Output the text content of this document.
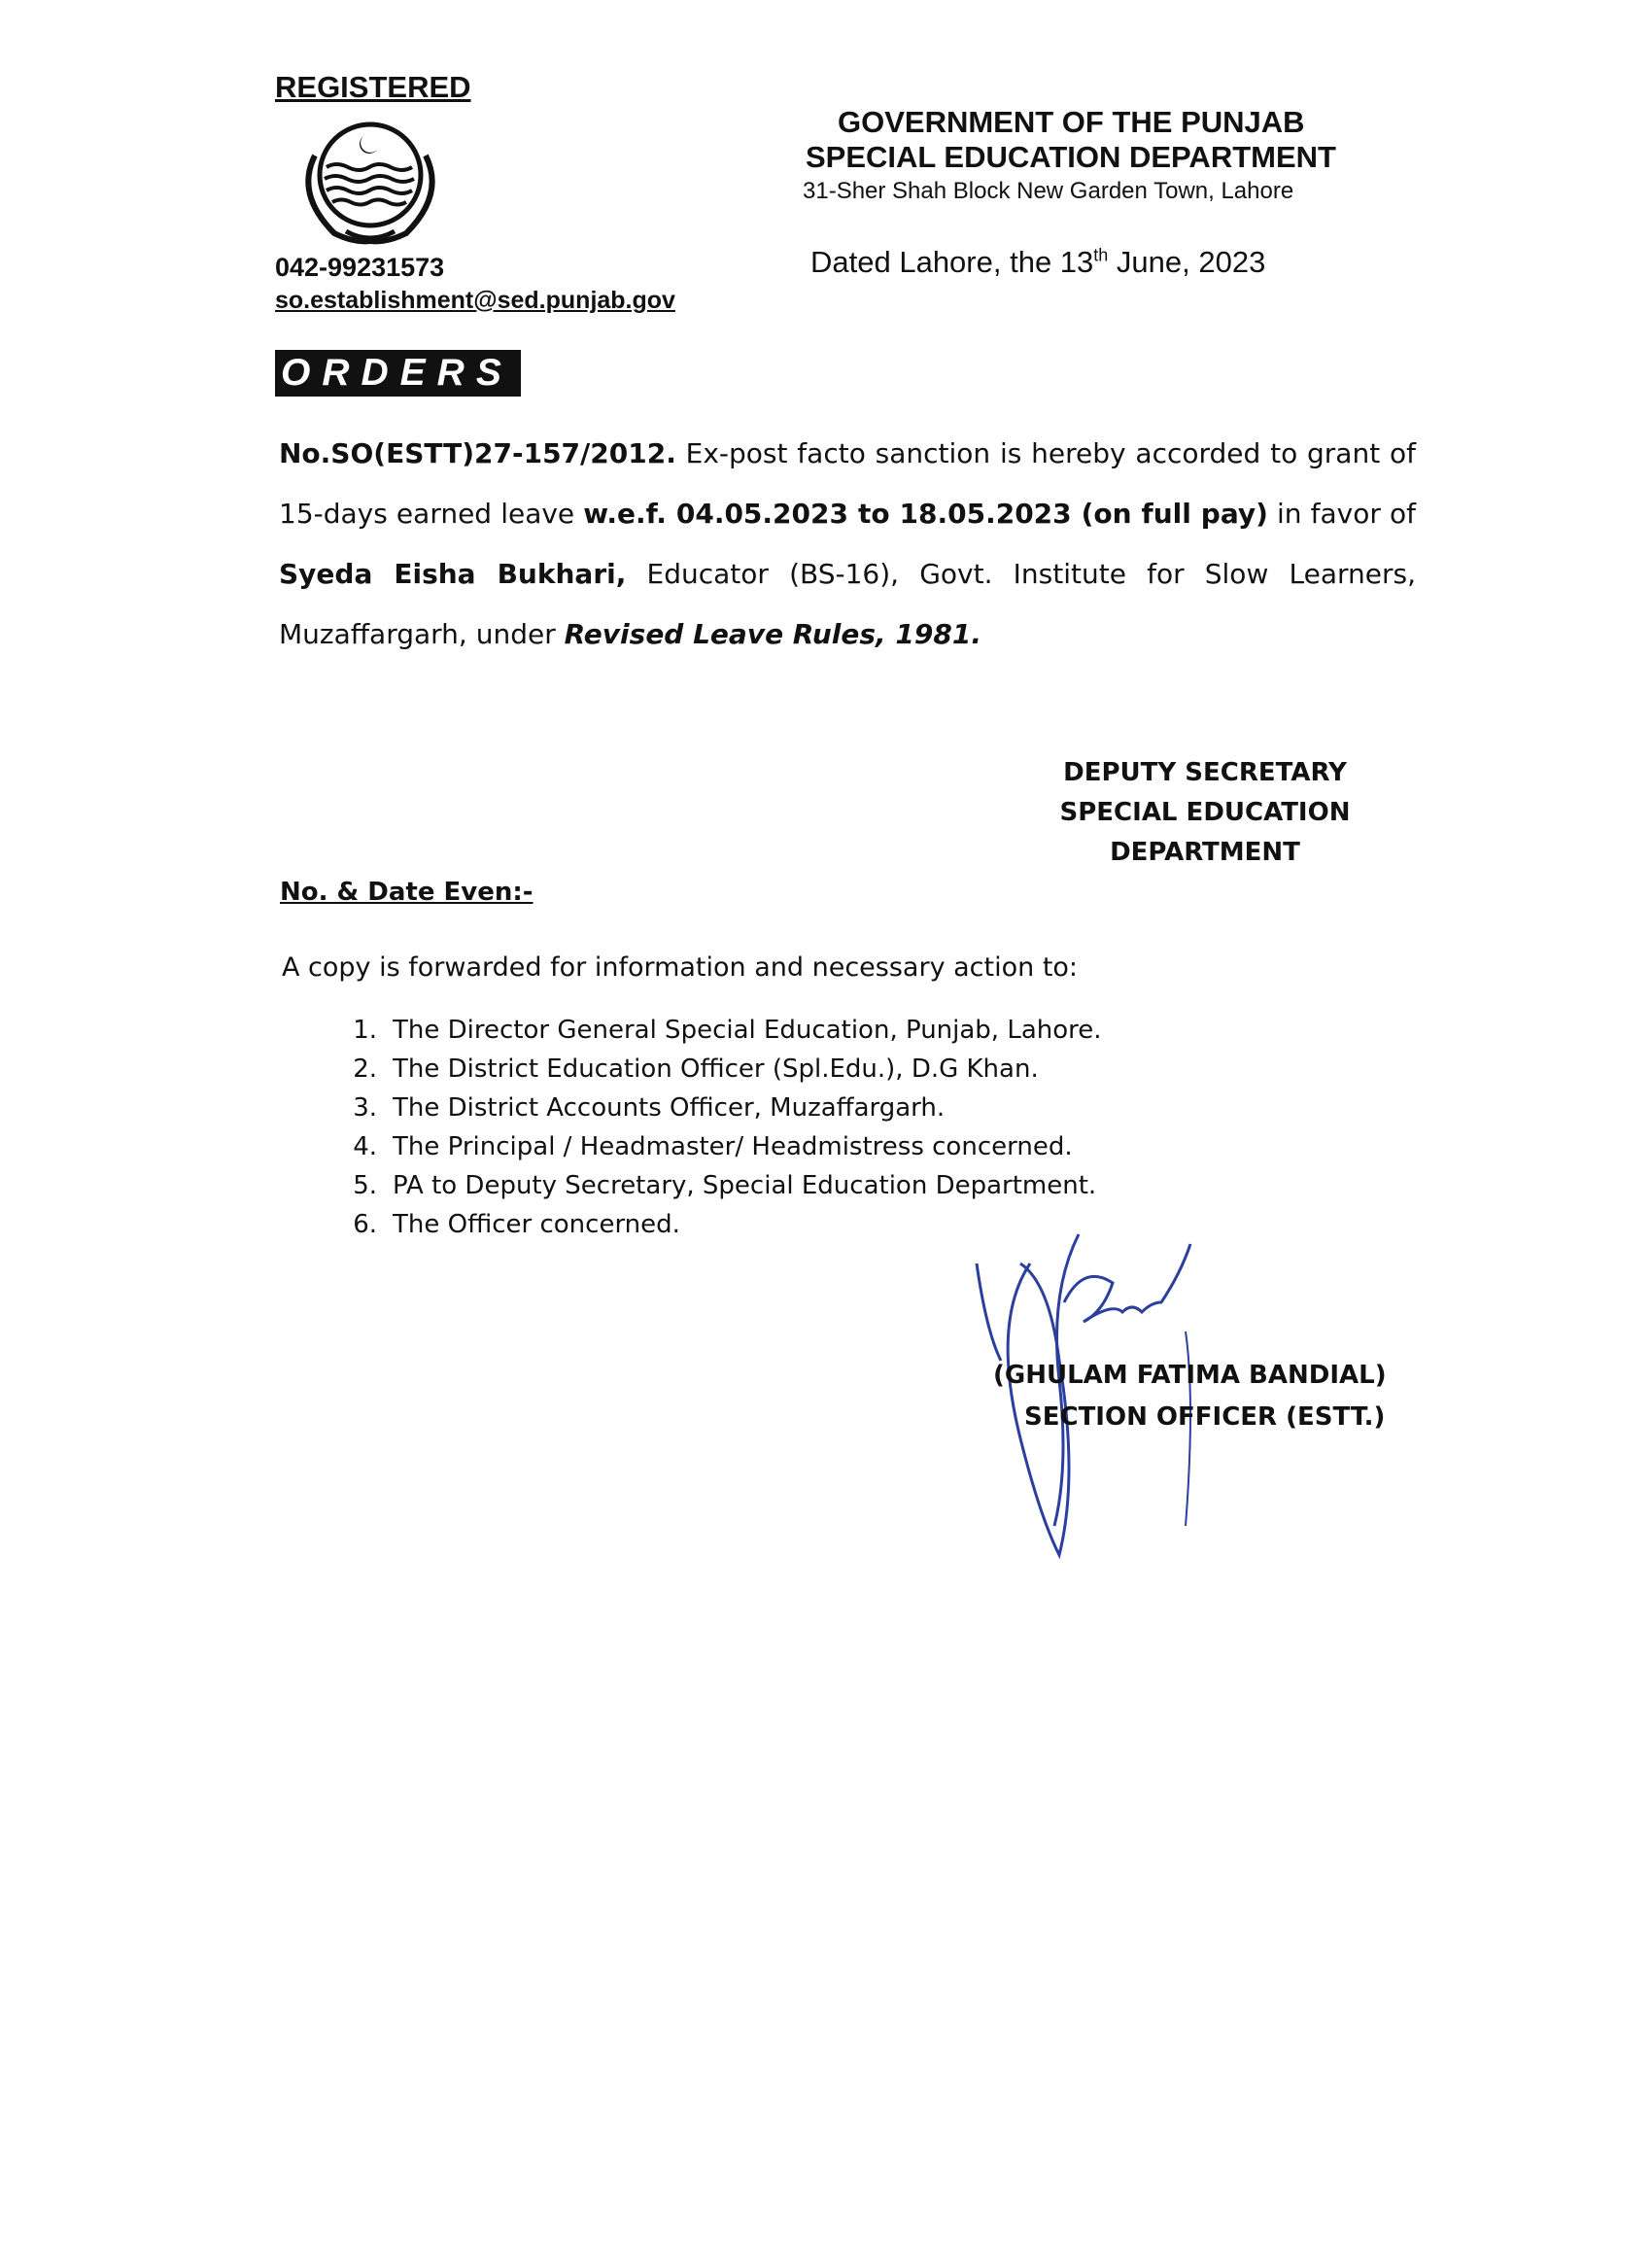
REGISTERED
042-99231573
so.establishment@sed.punjab.gov
GOVERNMENT OF THE PUNJAB
SPECIAL EDUCATION DEPARTMENT
31-Sher Shah Block New Garden Town, Lahore
Dated Lahore, the 13th June, 2023
ORDERS
No.SO(ESTT)27-157/2012. Ex-post facto sanction is hereby accorded to grant of 15-days earned leave w.e.f. 04.05.2023 to 18.05.2023 (on full pay) in favor of Syeda Eisha Bukhari, Educator (BS-16), Govt. Institute for Slow Learners, Muzaffargarh, under Revised Leave Rules, 1981.
DEPUTY SECRETARY
SPECIAL EDUCATION
DEPARTMENT
No. & Date Even:-
A copy is forwarded for information and necessary action to:
1. The Director General Special Education, Punjab, Lahore.
2. The District Education Officer (Spl.Edu.), D.G Khan.
3. The District Accounts Officer, Muzaffargarh.
4. The Principal / Headmaster/ Headmistress concerned.
5. PA to Deputy Secretary, Special Education Department.
6. The Officer concerned.
(GHULAM FATIMA BANDIAL)
SECTION OFFICER (ESTT.)
